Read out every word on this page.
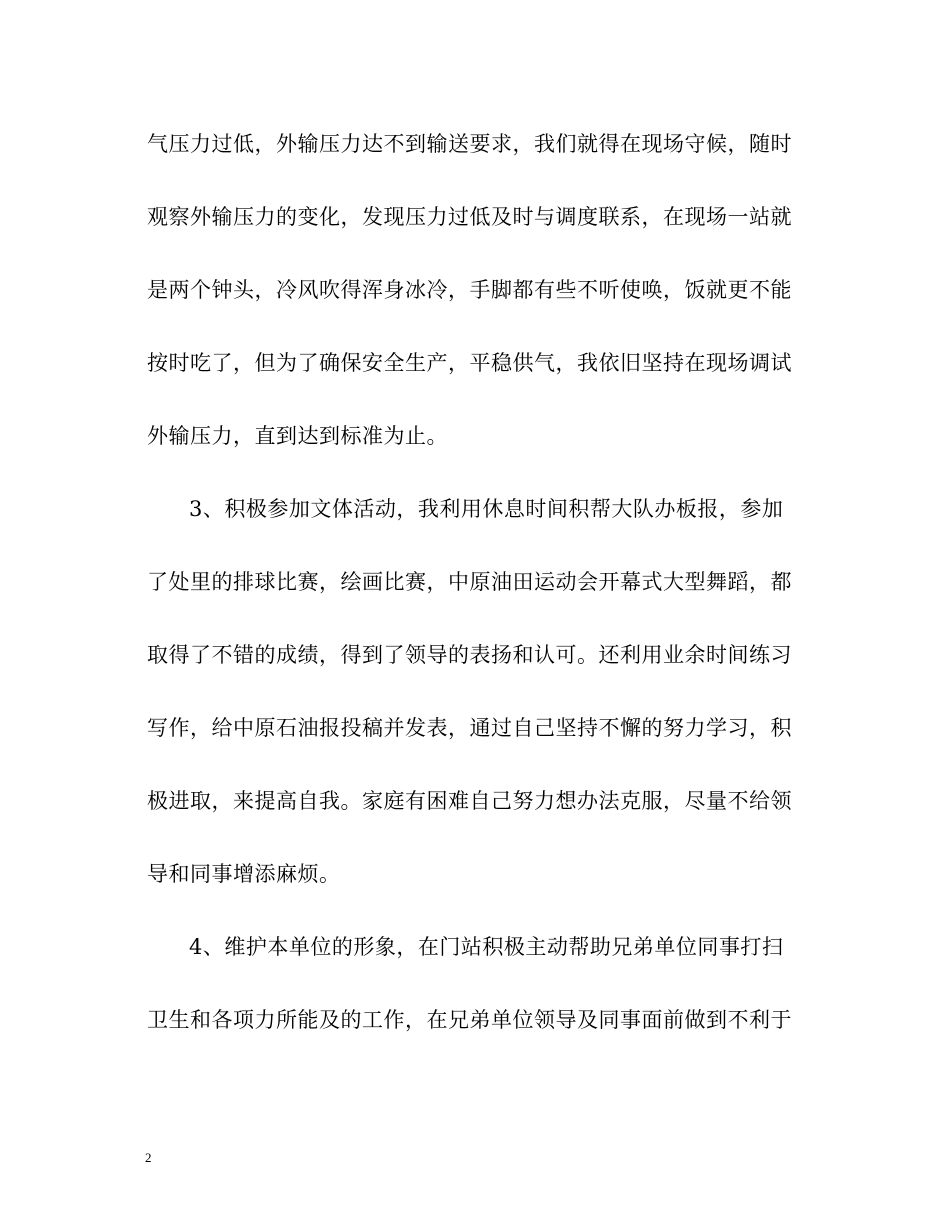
气压力过低，外输压力达不到输送要求，我们就得在现场守候，随时
观察外输压力的变化，发现压力过低及时与调度联系，在现场一站就
是两个钟头，冷风吹得浑身冰冷，手脚都有些不听使唤，饭就更不能
按时吃了，但为了确保安全生产，平稳供气，我依旧坚持在现场调试
外输压力，直到达到标准为止。
3、积极参加文体活动，我利用休息时间积帮大队办板报，参加
了处里的排球比赛，绘画比赛，中原油田运动会开幕式大型舞蹈，都
取得了不错的成绩，得到了领导的表扬和认可。还利用业余时间练习
写作，给中原石油报投稿并发表，通过自己坚持不懈的努力学习，积
极进取，来提高自我。家庭有困难自己努力想办法克服，尽量不给领
导和同事增添麻烦。
4、维护本单位的形象，在门站积极主动帮助兄弟单位同事打扫
卫生和各项力所能及的工作，在兄弟单位领导及同事面前做到不利于
2
